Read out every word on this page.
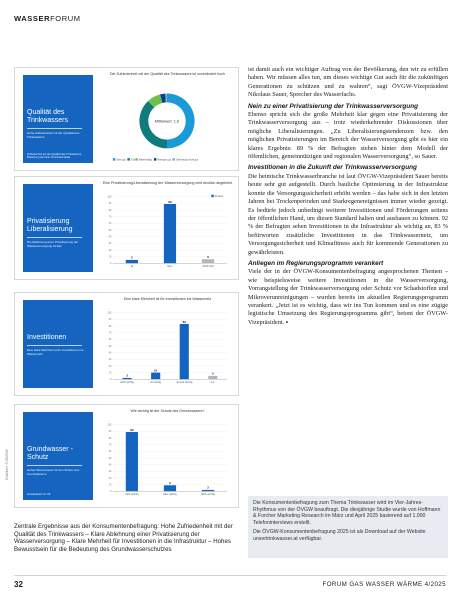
WASSERFORUM
Qualität des Trinkwassers
Hohe Zufriedenheit mit der Qualität des Trinkwassers
Zufriedenheit mit der Qualität des Trinkwassers, Bewertung auf einer Schulnotenskala
Die Zufriedenheit mit der Qualität des Trinkwassers ist unverändert hoch
Mittelwert: 1,6
Sehr gut Gut Mittelmäßig Weniger gut Überhaupt nicht gut
Privatisierung Liberalisierung
Die Ablehnung einer Privatisierung der Wasserversorgung ist klar
Eine Privatisierung/Liberalisierung der Wasserversorgung wird deutlich abgelehnt
0
10
20
30
40
50
60
70
80
90
100
5
Ja
89
Nein
6
Weiß nicht
Prozent
Investitionen
Eine klare Mehrheit ist für Investitionen ins Wassernetz
Eine klare Mehrheit ist für Investitionen ins Wassernetz
0
10
20
30
40
50
60
70
80
90
100
2
Nicht wichtig
10
Ist wichtig
83
Ist sehr wichtig
5
k.A.
Grundwasser - Schutz
Hohes Bewusstsein für den Schutz des Grundwassers
Grundwasser ist z.B.
Wie wichtig ist der Schutz des Grundwassers?
0
10
20
30
40
50
60
70
80
90
100
89
Sehr wichtig
9
Eher wichtig
2
Nicht wichtig
Grafiken: © ÖVGW
Zentrale Ergebnisse aus der Konsumentenbefragung: Hohe Zufriedenheit mit der Qualität des Trinkwassers – Klare Ablehnung einer Privatisierung der Wasserversorgung – Klare Mehrheit für Investitionen in die Infrastruktur – Hohes Bewusstsein für die Bedeutung des Grundwasserschutzes

ist damit auch ein wichtiger Auftrag von der Bevölkerung, den wir zu erfüllen haben. Wir müssen alles tun, um dieses wichtige Gut auch für die zukünftigen Generationen zu schützen und zu wahren“, sagt ÖVGW-Vizepräsident Nikolaus Sauer, Sprecher des Wasserfachs.

Nein zu einer Privatisierung der Trinkwasserversorgung

Ebenso spricht sich die große Mehrheit klar gegen eine Privatisierung der Trinkwasserversorgung aus – trotz wiederkehrender Diskussionen über mögliche Liberalisierungen. „Zu Liberalisierungstendenzen bzw. den möglichen Privatisierungen im Bereich der Wasserversorgung gibt es hier ein klares Ergebnis: 89 % der Befragten stehen hinter dem Modell der öffentlichen, gemeinnützigen und regionalen Wasserversorgung“, so Sauer.

Investitionen in die Zukunft der Trinkwasserversorgung

Die heimische Trinkwasserbranche ist laut ÖVGW-Vizepräsident Sauer bereits heute sehr gut aufgestellt. Durch bauliche Optimierung in der Infrastruktur konnte die Versorgungssicherheit erhöht werden – das habe sich in den letzten Jahren bei Trockenperioden und Starkregenereignissen immer wieder gezeigt. Es bedürfe jedoch unbedingt weiterer Investitionen und Förderungen seitens der öffentlichen Hand, um diesen Standard halten und ausbauen zu können. 92 % der Befragten sehen Investitionen in die Infrastruktur als wichtig an, 83 % befürworten zusätzliche Investitionen in das Trinkwassernetz, um Versorgungssicherheit und Klimafitness auch für kommende Generationen zu gewährleisten.

Anliegen im Regierungsprogramm verankert

Viele der in der ÖVGW-Konsumentenbefragung angesprochenen Themen – wie beispielsweise weitere Investitionen in die Wasserversorgung, Vorrangstellung der Trinkwasserversorgung oder Schutz vor Schadstoffen und Mikroverunreinigungen – wurden bereits im aktuellen Regierungsprogramm verankert. „Jetzt ist es wichtig, dass wir ins Tun kommen und es eine zügige legistische Umsetzung des Regierungsprogramms gibt“, betont der ÖVGW-Vizepräsident. ▪

Die Konsumentenbefragung zum Thema Trinkwasser wird im Vier-Jahres-Rhythmus von der ÖVGW beauftragt. Die diesjährige Studie wurde von Hoffmann & Forcher Marketing Research im März und April 2025 basierend auf 1.000 Telefoninterviews erstellt.

Die ÖVGW-Konsumentenbefragung 2025 ist als Download auf der Website unsertrinkwasser.at verfügbar.

32	FORUM GAS WASSER WÄRME 4/2025
